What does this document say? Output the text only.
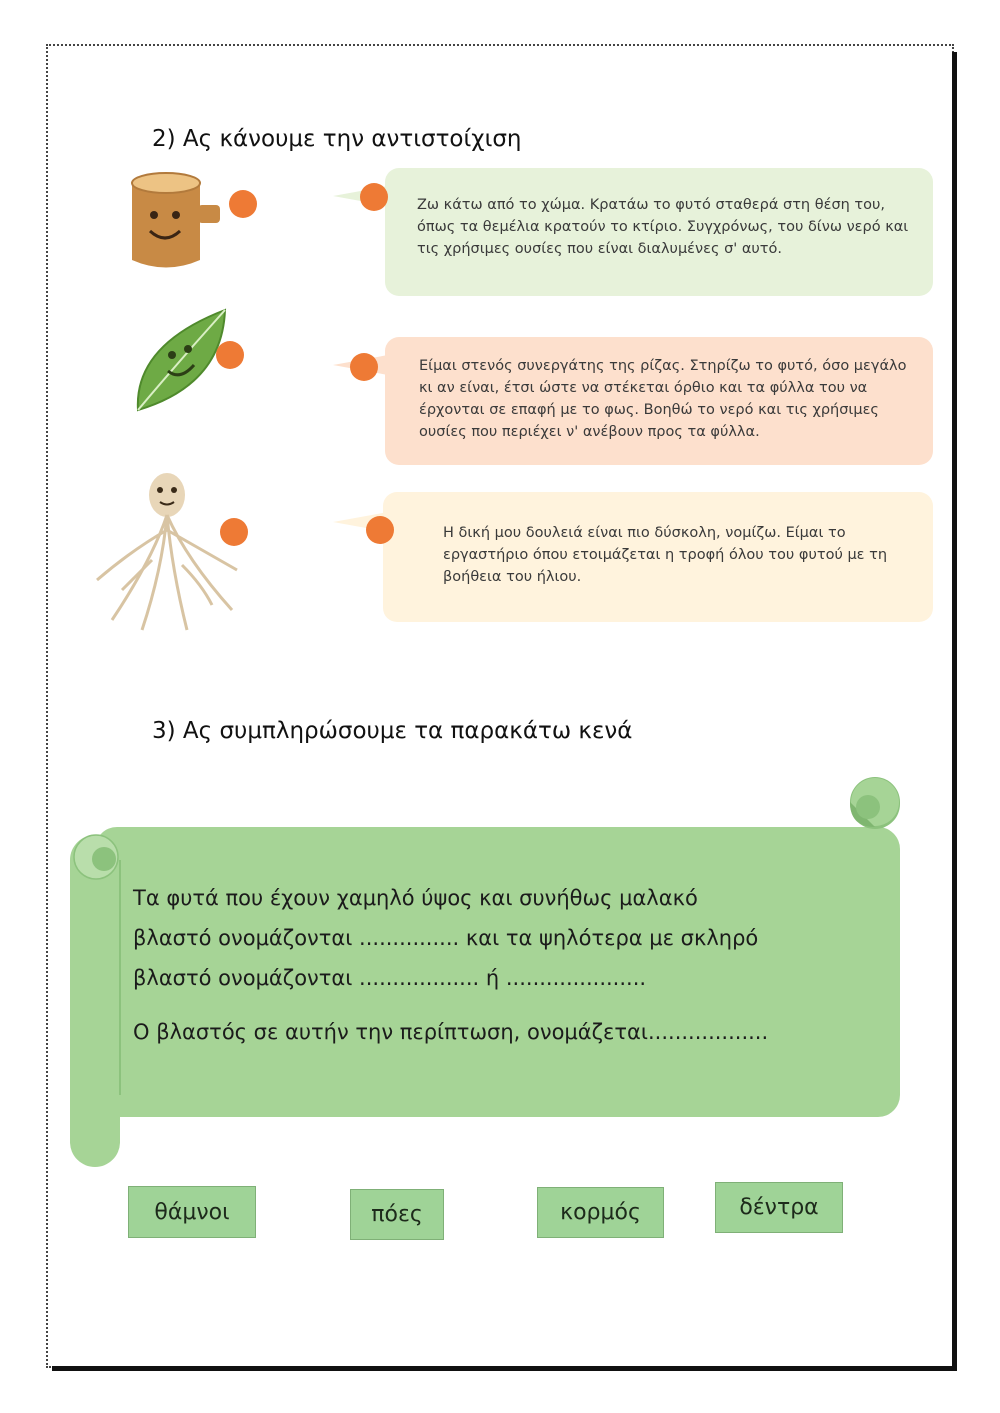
2) Ας κάνουμε την αντιστοίχιση

Ζω κάτω από το χώμα. Κρατάω το φυτό σταθερά στη θέση του, όπως τα θεμέλια κρατούν το κτίριο. Συγχρόνως, του δίνω νερό και τις χρήσιμες ουσίες που είναι διαλυμένες σ' αυτό.

Είμαι στενός συνεργάτης της ρίζας. Στηρίζω το φυτό, όσο μεγάλο κι αν είναι, έτσι ώστε να στέκεται όρθιο και τα φύλλα του να έρχονται σε επαφή με το φως. Βοηθώ το νερό και τις χρήσιμες ουσίες που περιέχει ν' ανέβουν προς τα φύλλα.

Η δική μου δουλειά είναι πιο δύσκολη, νομίζω. Είμαι το εργαστήριο όπου ετοιμάζεται η τροφή όλου του φυτού με τη βοήθεια του ήλιου.

3) Ας συμπληρώσουμε τα παρακάτω κενά
Τα φυτά που έχουν χαμηλό ύψος και συνήθως μαλακό
βλαστό ονομάζονται ............... και τα ψηλότερα με σκληρό
βλαστό ονομάζονται .................. ή .....................
Ο βλαστός σε αυτήν την περίπτωση, ονομάζεται..................
θάμνοι	πόες	κορμός	δέντρα
